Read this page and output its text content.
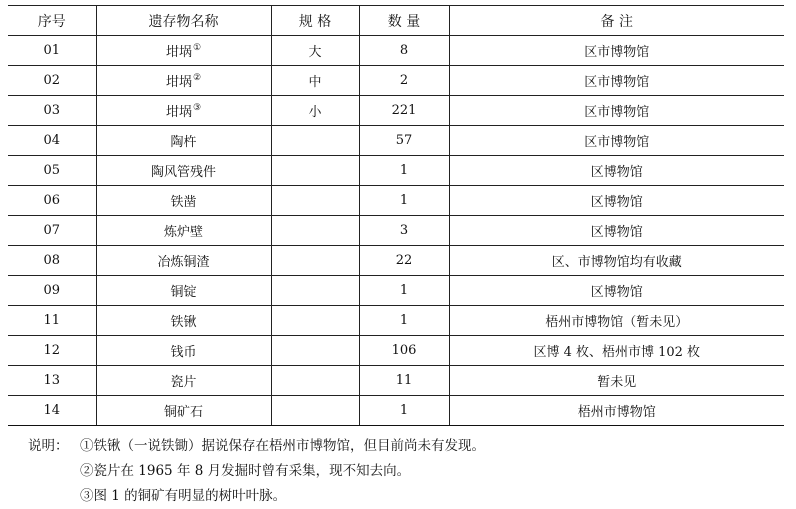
序号	遗存物名称	规 格	数 量	备 注
01	坩埚①	大	8	区市博物馆
02	坩埚②	中	2	区市博物馆
03	坩埚③	小	221	区市博物馆
04	陶杵		57	区市博物馆
05	陶风管残件		1	区博物馆
06	铁凿		1	区博物馆
07	炼炉壁		3	区博物馆
08	冶炼铜渣		22	区、市博物馆均有收藏
09	铜锭		1	区博物馆
11	铁锹		1	梧州市博物馆（暂未见）
12	钱币		106	区博 4 枚、梧州市博 102 枚
13	瓷片		11	暂未见
14	铜矿石		1	梧州市博物馆
说明： ①铁锹（一说铁锄）据说保存在梧州市博物馆，但目前尚未有发现。
②瓷片在 1965 年 8 月发掘时曾有采集，现不知去向。
③图 1 的铜矿有明显的树叶叶脉。
